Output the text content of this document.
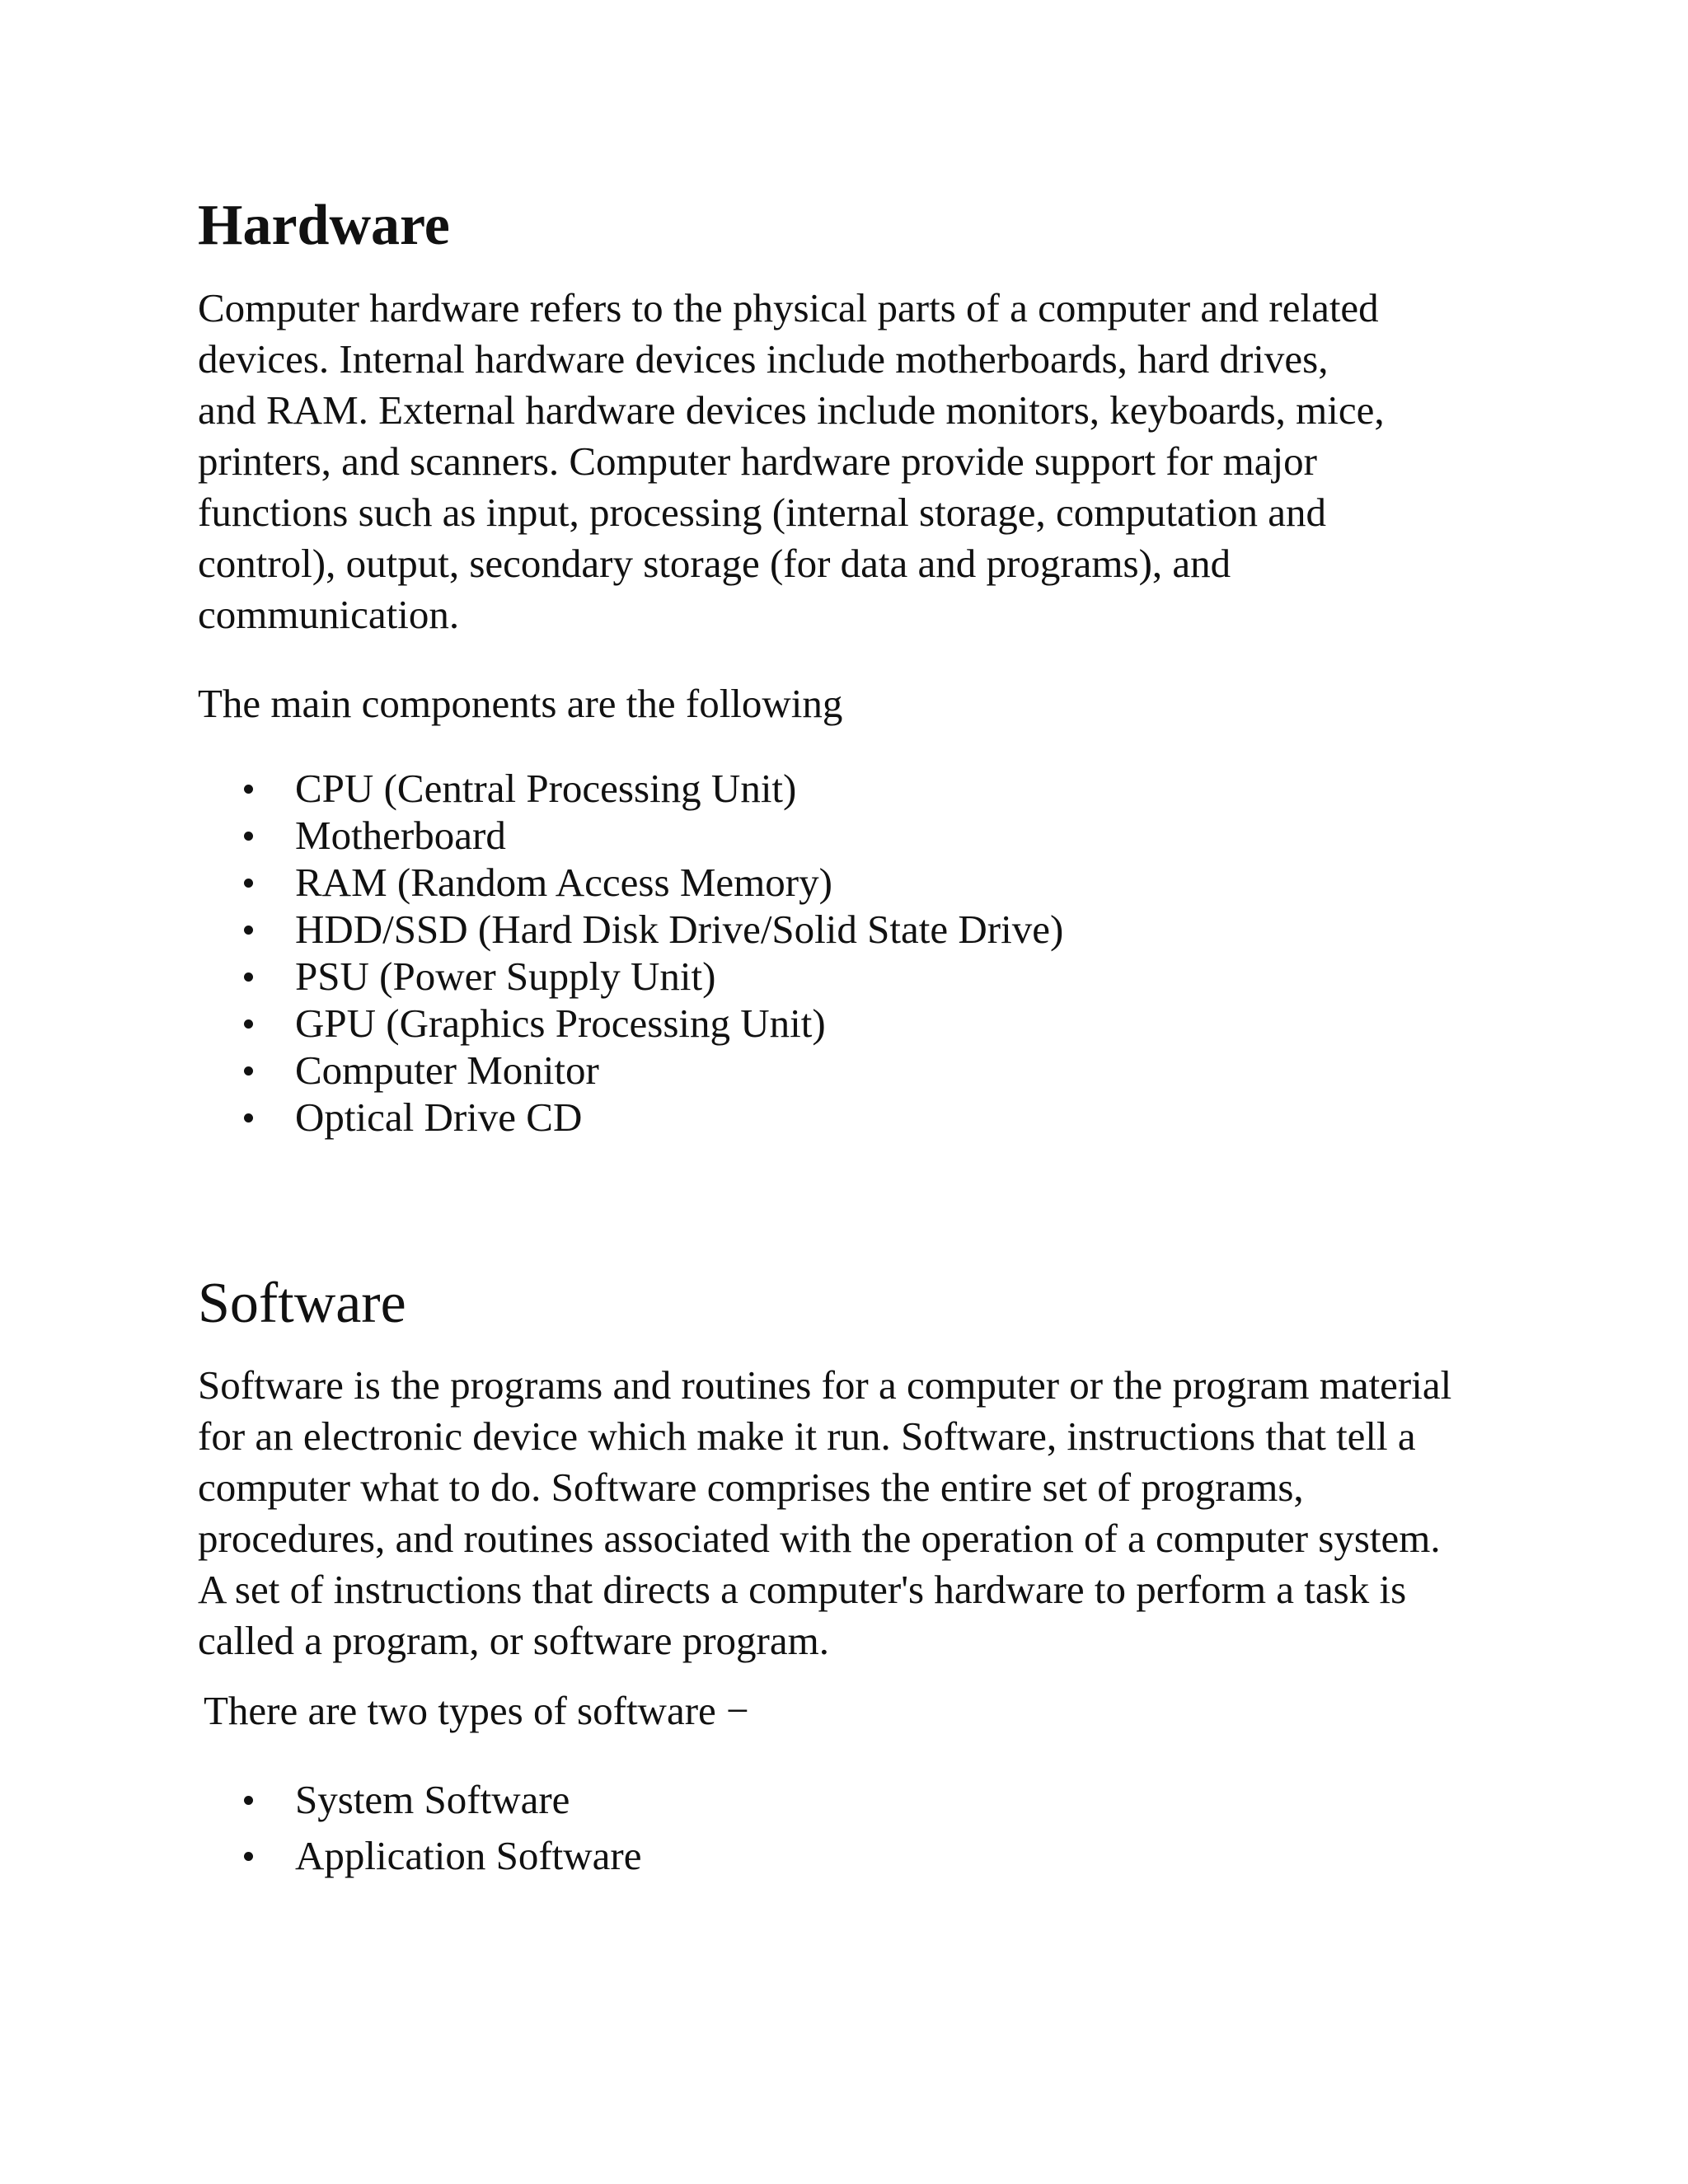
Hardware

Computer hardware refers to the physical parts of a computer and related
devices. Internal hardware devices include motherboards, hard drives,
and RAM. External hardware devices include monitors, keyboards, mice,
printers, and scanners. Computer hardware provide support for major
functions such as input, processing (internal storage, computation and
control), output, secondary storage (for data and programs), and
communication.

The main components are the following

CPU (Central Processing Unit)
Motherboard
RAM (Random Access Memory)
HDD/SSD (Hard Disk Drive/Solid State Drive)
PSU (Power Supply Unit)
GPU (Graphics Processing Unit)
Computer Monitor
Optical Drive CD
Software

Software is the programs and routines for a computer or the program material
for an electronic device which make it run. Software, instructions that tell a
computer what to do. Software comprises the entire set of programs,
procedures, and routines associated with the operation of a computer system.
A set of instructions that directs a computer's hardware to perform a task is
called a program, or software program.

There are two types of software −

System Software
Application Software
